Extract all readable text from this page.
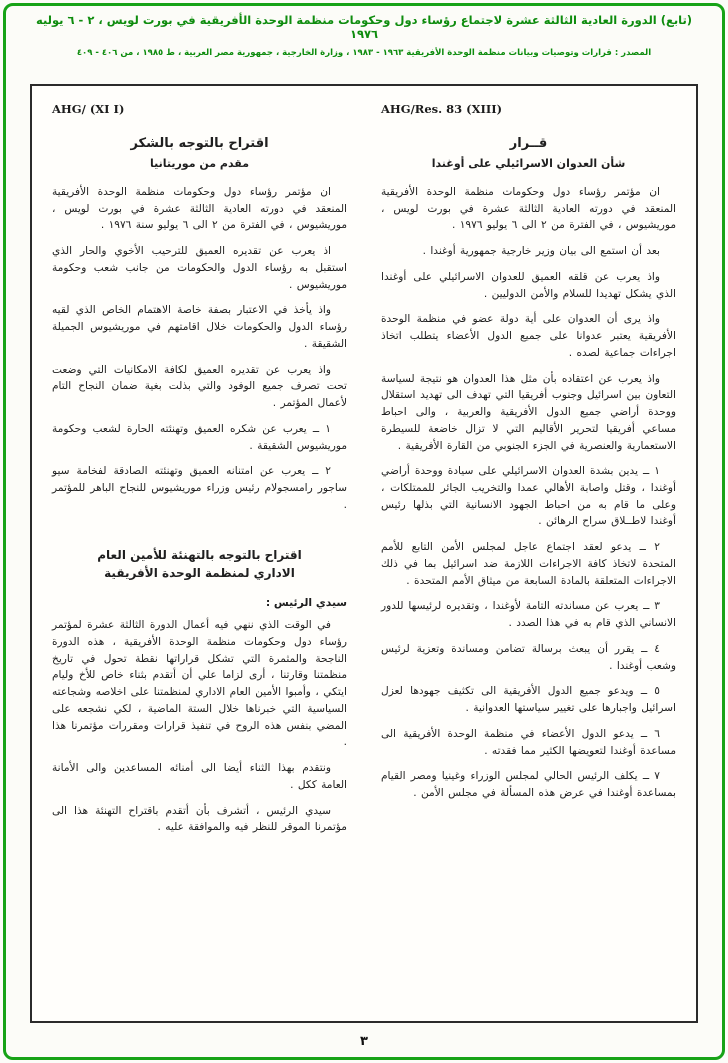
(تابع) الدورة العادية الثالثة عشرة لاجتماع رؤساء دول وحكومات منظمة الوحدة الأفريقية في بورت لويس ، ٢ - ٦ يوليه ١٩٧٦
المصدر : قرارات وتوصيات وبيانات منظمة الوحدة الأفريقية ١٩٦٣ - ١٩٨٣ ، وزارة الخارجية ، جمهورية مصر العربية ، ط ١٩٨٥ ، من ٤٠٦ - ٤٠٩
AHG/Res. 83 (XIII)
قــرار
شأن العدوان الاسرائيلي على أوغندا

ان مؤتمر رؤساء دول وحكومات منظمة الوحدة الأفريقية المنعقد في دورته العادية الثالثة عشرة في بورت لويس ، موريشيوس ، في الفترة من ٢ الى ٦ يوليو ١٩٧٦ .

بعد أن استمع الى بيان وزير خارجية جمهورية أوغندا .

واذ يعرب عن قلقه العميق للعدوان الاسرائيلي على أوغندا الذي يشكل تهديدا للسلام والأمن الدوليين .

واذ يرى أن العدوان على أية دولة عضو في منظمة الوحدة الأفريقية يعتبر عدوانا على جميع الدول الأعضاء يتطلب اتخاذ اجراءات جماعية لصده .

واذ يعرب عن اعتقاده بأن مثل هذا العدوان هو نتيجة لسياسة التعاون بين اسرائيل وجنوب أفريقيا التي تهدف الى تهديد استقلال ووحدة أراضي جميع الدول الأفريقية والعربية ، والى احباط مساعي أفريقيا لتحرير الأقاليم التي لا تزال خاضعة للسيطرة الاستعمارية والعنصرية في الجزء الجنوبي من القارة الأفريقية .

١ ــ يدين بشدة العدوان الاسرائيلي على سيادة ووحدة أراضي أوغندا ، وقتل واصابة الأهالي عمدا والتخريب الجائر للممتلكات ، وعلى ما قام به من احباط الجهود الانسانية التي بذلها رئيس أوغندا لاطــلاق سراح الرهائن .

٢ ــ يدعو لعقد اجتماع عاجل لمجلس الأمن التابع للأمم المتحدة لاتخاذ كافة الاجراءات اللازمة ضد اسرائيل بما في ذلك الاجراءات المتعلقة بالمادة السابعة من ميثاق الأمم المتحدة .

٣ ــ يعرب عن مساندته التامة لأوغندا ، وتقديره لرئيسها للدور الانساني الذي قام به في هذا الصدد .

٤ ــ يقرر أن يبعث برسالة تضامن ومساندة وتعزية لرئيس وشعب أوغندا .

٥ ــ ويدعو جميع الدول الأفريقية الى تكثيف جهودها لعزل اسرائيل واجبارها على تغيير سياستها العدوانية .

٦ ــ يدعو الدول الأعضاء في منظمة الوحدة الأفريقية الى مساعدة أوغندا لتعويضها الكثير مما فقدته .

٧ ــ يكلف الرئيس الحالي لمجلس الوزراء وغينيا ومصر القيام بمساعدة أوغندا في عرض هذه المسألة في مجلس الأمن .

AHG/ (XI I)
اقتراح بالتوجه بالشكر
مقدم من موريتانيا

ان مؤتمر رؤساء دول وحكومات منظمة الوحدة الأفريقية المنعقد في دورته العادية الثالثة عشرة في بورت لويس ، موريشيوس ، في الفترة من ٢ الى ٦ يوليو سنة ١٩٧٦ .

اذ يعرب عن تقديره العميق للترحيب الأخوي والحار الذي استقبل به رؤساء الدول والحكومات من جانب شعب وحكومة موريشيوس .

واذ يأخذ في الاعتبار بصفة خاصة الاهتمام الخاص الذي لقيه رؤساء الدول والحكومات خلال اقامتهم في موريشيوس الجميلة الشقيقة .

واذ يعرب عن تقديره العميق لكافة الامكانيات التي وضعت تحت تصرف جميع الوفود والتي بذلت بغية ضمان النجاح التام لأعمال المؤتمر .

١ ــ يعرب عن شكره العميق وتهنئته الحارة لشعب وحكومة موريشيوس الشقيقة .

٢ ــ يعرب عن امتنانه العميق وتهنئته الصادقة لفخامة سيو ساجور رامسجولام رئيس وزراء موريشيوس للنجاح الباهر للمؤتمر .

اقتراح بالتوجه بالتهنئة للأمين العام
الاداري لمنظمة الوحدة الأفريقية
سيدي الرئيس :

في الوقت الذي ننهي فيه أعمال الدورة الثالثة عشرة لمؤتمر رؤساء دول وحكومات منظمة الوحدة الأفريقية ، هذه الدورة الناجحة والمثمرة التي تشكل قراراتها نقطة تحول في تاريخ منظمتنا وقارتنا ، أرى لزاما علي أن أتقدم بثناء خاص للأخ وليام ايتكي ، وأمبوا الأمين العام الاداري لمنظمتنا على اخلاصه وشجاعته السياسية التي خبرناها خلال الستة الماضية ، لكي نشجعه على المضي بنفس هذه الروح في تنفيذ قرارات ومقررات مؤتمرنا هذا .

ونتقدم بهذا الثناء أيضا الى أمنائه المساعدين والى الأمانة العامة ككل .

سيدي الرئيس ، أتشرف بأن أتقدم باقتراح التهنئة هذا الى مؤتمرنا الموقر للنظر فيه والموافقة عليه .

٣
